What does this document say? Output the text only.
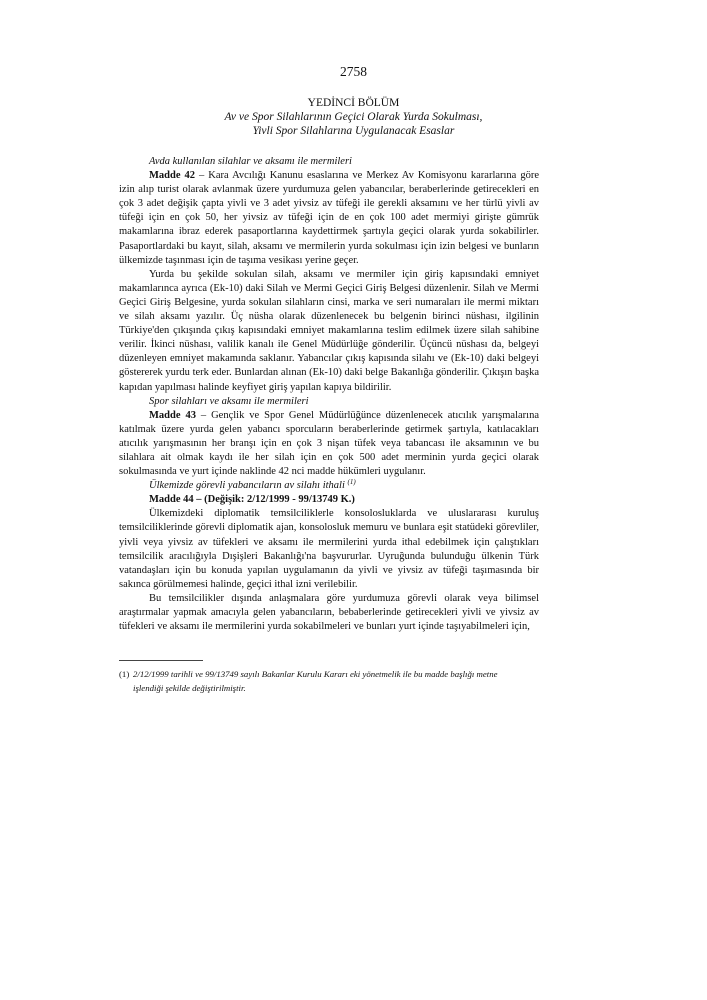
2758
YEDİNCİ BÖLÜM
Av ve Spor Silahlarının Geçici Olarak Yurda Sokulması,
Yivli Spor Silahlarına Uygulanacak Esaslar
Avda kullanılan silahlar ve aksamı ile mermileri

Madde 42 – Kara Avcılığı Kanunu esaslarına ve Merkez Av Komisyonu kararlarına göre izin alıp turist olarak avlanmak üzere yurdumuza gelen yabancılar, beraberlerinde getirecekleri en çok 3 adet değişik çapta yivli ve 3 adet yivsiz av tüfeği ile gerekli aksamını ve her türlü yivli av tüfeği için en çok 50, her yivsiz av tüfeği için de en çok 100 adet mermiyi girişte gümrük makamlarına ibraz ederek pasaportlarına kaydettirmek şartıyla geçici olarak yurda sokabilirler. Pasaportlardaki bu kayıt, silah, aksamı ve mermilerin yurda sokulması için izin belgesi ve bunların ülkemizde taşınması için de taşıma vesikası yerine geçer.

Yurda bu şekilde sokulan silah, aksamı ve mermiler için giriş kapısındaki emniyet makamlarınca ayrıca (Ek-10) daki Silah ve Mermi Geçici Giriş Belgesi düzenlenir. Silah ve Mermi Geçici Giriş Belgesine, yurda sokulan silahların cinsi, marka ve seri numaraları ile mermi miktarı ve silah aksamı yazılır. Üç nüsha olarak düzenlenecek bu belgenin birinci nüshası, ilgilinin Türkiye'den çıkışında çıkış kapısındaki emniyet makamlarına teslim edilmek üzere silah sahibine verilir. İkinci nüshası, valilik kanalı ile Genel Müdürlüğe gönderilir. Üçüncü nüshası da, belgeyi düzenleyen emniyet makamında saklanır. Yabancılar çıkış kapısında silahı ve (Ek-10) daki belgeyi göstererek yurdu terk eder. Bunlardan alınan (Ek-10) daki belge Bakanlığa gönderilir. Çıkışın başka kapıdan yapılması halinde keyfiyet giriş yapılan kapıya bildirilir.

Spor silahları ve aksamı ile mermileri

Madde 43 – Gençlik ve Spor Genel Müdürlüğünce düzenlenecek atıcılık yarışmalarına katılmak üzere yurda gelen yabancı sporcuların beraberlerinde getirmek şartıyla, katılacakları atıcılık yarışmasının her branşı için en çok 3 nişan tüfek veya tabancası ile aksamının ve bu silahlara ait olmak kaydı ile her silah için en çok 500 adet merminin yurda geçici olarak sokulmasında ve yurt içinde naklinde 42 nci madde hükümleri uygulanır.

Ülkemizde görevli yabancıların av silahı ithali $^{(1)}$

Madde 44 – (Değişik: 2/12/1999 - 99/13749 K.)

Ülkemizdeki diplomatik temsilciliklerle konsolosluklarda ve uluslararası kuruluş temsilciliklerinde görevli diplomatik ajan, konsolosluk memuru ve bunlara eşit statüdeki görevliler, yivli veya yivsiz av tüfekleri ve aksamı ile mermilerini yurda ithal edebilmek için çalıştıkları temsilcilik aracılığıyla Dışişleri Bakanlığı'na başvururlar. Uyruğunda bulunduğu ülkenin Türk vatandaşları için bu konuda yapılan uygulamanın da yivli ve yivsiz av tüfeği taşımasında bir sakınca görülmemesi halinde, geçici ithal izni verilebilir.

Bu temsilcilikler dışında anlaşmalara göre yurdumuza görevli olarak veya bilimsel araştırmalar yapmak amacıyla gelen yabancıların, bebaberlerinde getirecekleri yivli ve yivsiz av tüfekleri ve aksamı ile mermilerini yurda sokabilmeleri ve bunları yurt içinde taşıyabilmeleri için,

(1) 2/12/1999 tarihli ve 99/13749 sayılı Bakanlar Kurulu Kararı eki yönetmelik ile bu madde başlığı metne
işlendiği şekilde değiştirilmiştir.
